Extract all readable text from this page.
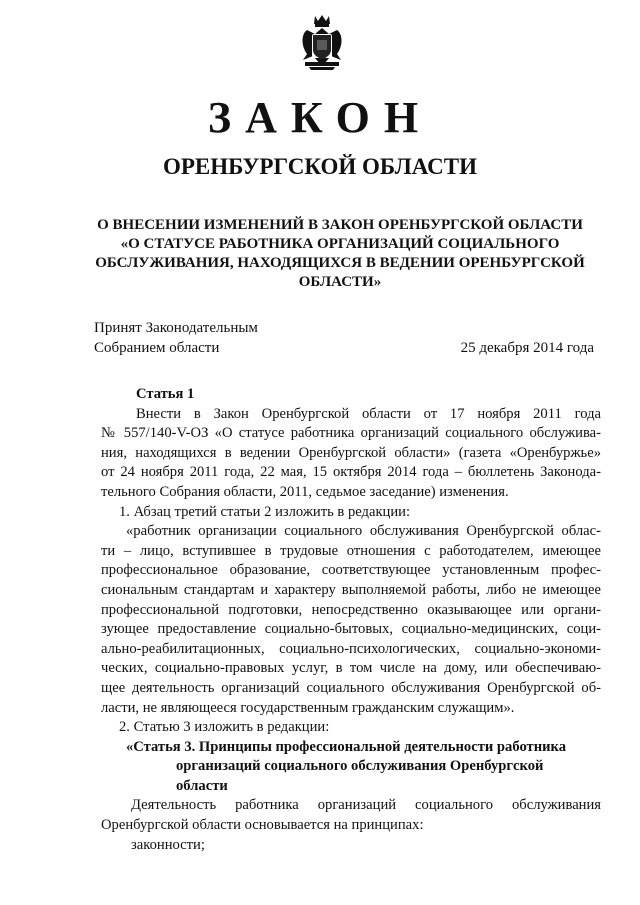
ЗАКОН
ОРЕНБУРГСКОЙ ОБЛАСТИ
О ВНЕСЕНИИ ИЗМЕНЕНИЙ В ЗАКОН ОРЕНБУРГСКОЙ ОБЛАСТИ
«О СТАТУСЕ РАБОТНИКА ОРГАНИЗАЦИЙ СОЦИАЛЬНОГО
ОБСЛУЖИВАНИЯ, НАХОДЯЩИХСЯ В ВЕДЕНИИ ОРЕНБУРГСКОЙ
ОБЛАСТИ»
Принят Законодательным
Собранием области	25 декабря 2014 года
Статья 1
Внести в Закон Оренбургской области от 17 ноября 2011 года
№ 557/140-V-ОЗ «О статусе работника организаций социального обслужива-
ния, находящихся в ведении Оренбургской области» (газета «Оренбуржье»
от 24 ноября 2011 года, 22 мая, 15 октября 2014 года – бюллетень Законода-
тельного Собрания области, 2011, седьмое заседание) изменения.
1. Абзац третий статьи 2 изложить в редакции:
«работник организации социального обслуживания Оренбургской облас-
ти – лицо, вступившее в трудовые отношения с работодателем, имеющее
профессиональное образование, соответствующее установленным профес-
сиональным стандартам и характеру выполняемой работы, либо не имеющее
профессиональной подготовки, непосредственно оказывающее или органи-
зующее предоставление социально-бытовых, социально-медицинских, соци-
ально-реабилитационных, социально-психологических, социально-экономи-
ческих, социально-правовых услуг, в том числе на дому, или обеспечиваю-
щее деятельность организаций социального обслуживания Оренбургской об-
ласти, не являющееся государственным гражданским служащим».
2. Статью 3 изложить в редакции:
«Статья 3. Принципы профессиональной деятельности работника
организаций социального обслуживания Оренбургской
области
Деятельность работника организаций социального обслуживания
Оренбургской области основывается на принципах:
законности;
